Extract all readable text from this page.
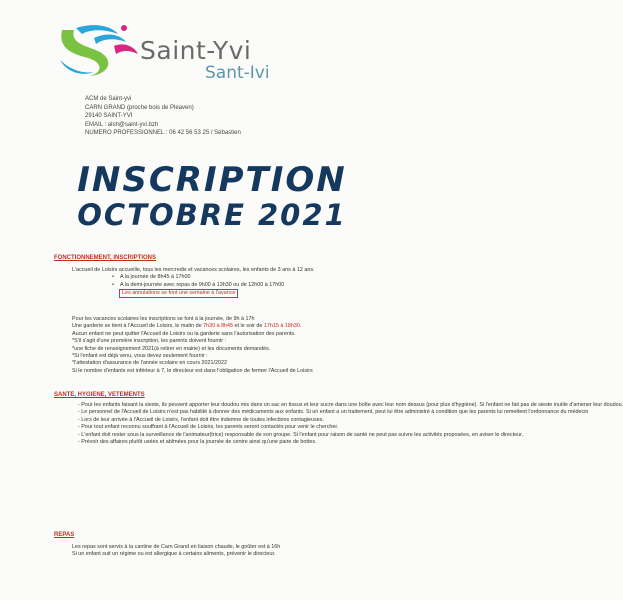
Saint-Yvi
Sant-Ivi
ACM de Saint-yvi
CARN GRAND (proche bois de Pleaven)
29140 SAINT-YVI
EMAIL : alsh@saint-yvi.bzh
NUMERO PROFESSIONNEL : 06 42 56 53 25 / Sébastien
INSCRIPTION
OCTOBRE 2021
FONCTIONNEMENT, INSCRIPTIONS
L'accueil de Loisirs accueille, tous les mercredis et vacances scolaires, les enfants de 3 ans à 12 ans.
• A la journée de 8h45 à 17h00
• A la demi-journée avec repas de 9h00 à 13h30 ou de 12h00 à 17h00
Les annulations se font une semaine à l'avance
Pour les vacances scolaires les inscriptions se font à la journée, de 9h à 17h
Une garderie se tient à l'Accueil de Loisirs, le matin de 7h30 à 8h45 et le soir de 17h15 à 18h30.
Aucun enfant ne peut quitter l'Accueil de Loisirs ou la garderie sans l'autorisation des parents.
*S'il s'agit d'une première inscription, les parents doivent fournir :
*une fiche de renseignement 2021(à retirer en mairie) et les documents demandés.
*Si l'enfant est déjà venu, vous devez seulement fournir :
*l'attestation d'assurance de l'année scolaire en cours 2021/2022
Si le nombre d'enfants est inférieur à 7, le directeur est dans l'obligation de fermer l'Accueil de Loisirs
SANTE, HYGIENE, VETEMENTS
- Pour les enfants faisant la sieste, ils peuvent apporter leur doudou mis dans un sac en tissus et leur sucre dans une boîte avec leur nom dessus (pour plus d'hygiène). Si l'enfant ne fait pas de sieste inutile d'amener leur doudou.
- Le personnel de l'Accueil de Loisirs n'est pas habilité à donner des médicaments aux enfants. Si un enfant a un traitement, peut lui être administré à condition que les parents lui remettent l'ordonnance du médecin
- Lors de leur arrivée à l'Accueil de Loisirs, l'enfant doit être indemne de toutes infections contagieuses.
- Pour tout enfant reconnu souffrant à l'Accueil de Loisirs, les parents seront contactés pour venir le chercher.
- L'enfant doit rester sous la surveillance de l'animateur(trice) responsable de son groupe. Si l'enfant pour raison de santé ne peut pas suivre les activités proposées, en aviser le directeur.
- Prévoir des affaires plutôt usées et abîmées pour la journée de centre ainsi qu'une paire de bottes.
REPAS
Les repas sont servis à la cantine de Carn Grand en liaison chaude, le goûter est à 16h
Si un enfant suit un régime ou est allergique à certains aliments, prévenir le directeur.
